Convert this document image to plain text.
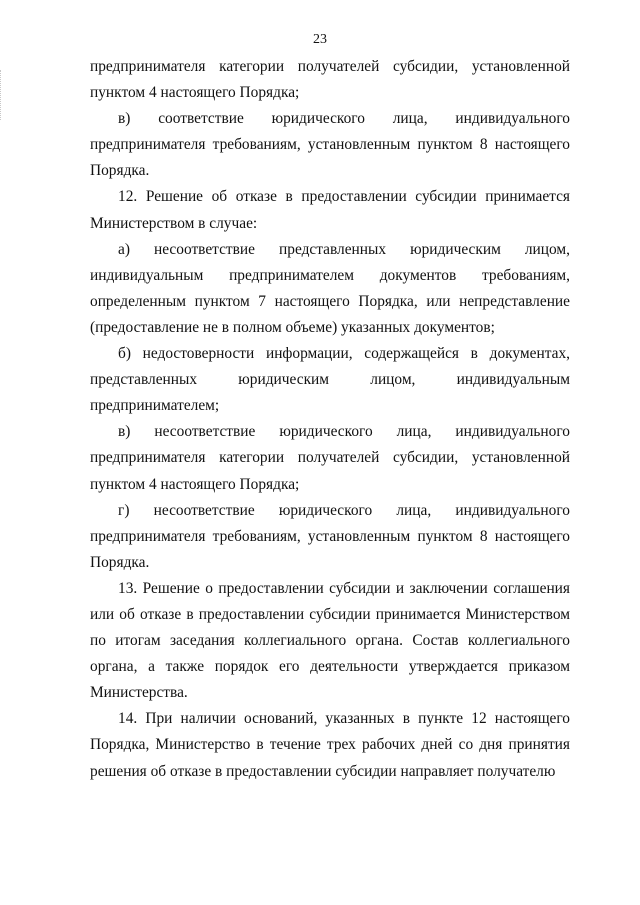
23

предпринимателя категории получателей субсидии, установленной пунктом 4 настоящего Порядка;

в) соответствие юридического лица, индивидуального предпринимателя требованиям, установленным пунктом 8 настоящего Порядка.

12. Решение об отказе в предоставлении субсидии принимается Министерством в случае:

а) несоответствие представленных юридическим лицом, индивидуальным предпринимателем документов требованиям, определенным пунктом 7 настоящего Порядка, или непредставление (предоставление не в полном объеме) указанных документов;

б) недостоверности информации, содержащейся в документах, представленных юридическим лицом, индивидуальным предпринимателем;

в) несоответствие юридического лица, индивидуального предпринимателя категории получателей субсидии, установленной пунктом 4 настоящего Порядка;

г) несоответствие юридического лица, индивидуального предпринимателя требованиям, установленным пунктом 8 настоящего Порядка.

13. Решение о предоставлении субсидии и заключении соглашения или об отказе в предоставлении субсидии принимается Министерством по итогам заседания коллегиального органа. Состав коллегиального органа, а также порядок его деятельности утверждается приказом Министерства.

14. При наличии оснований, указанных в пункте 12 настоящего Порядка, Министерство в течение трех рабочих дней со дня принятия решения об отказе в предоставлении субсидии направляет получателю
